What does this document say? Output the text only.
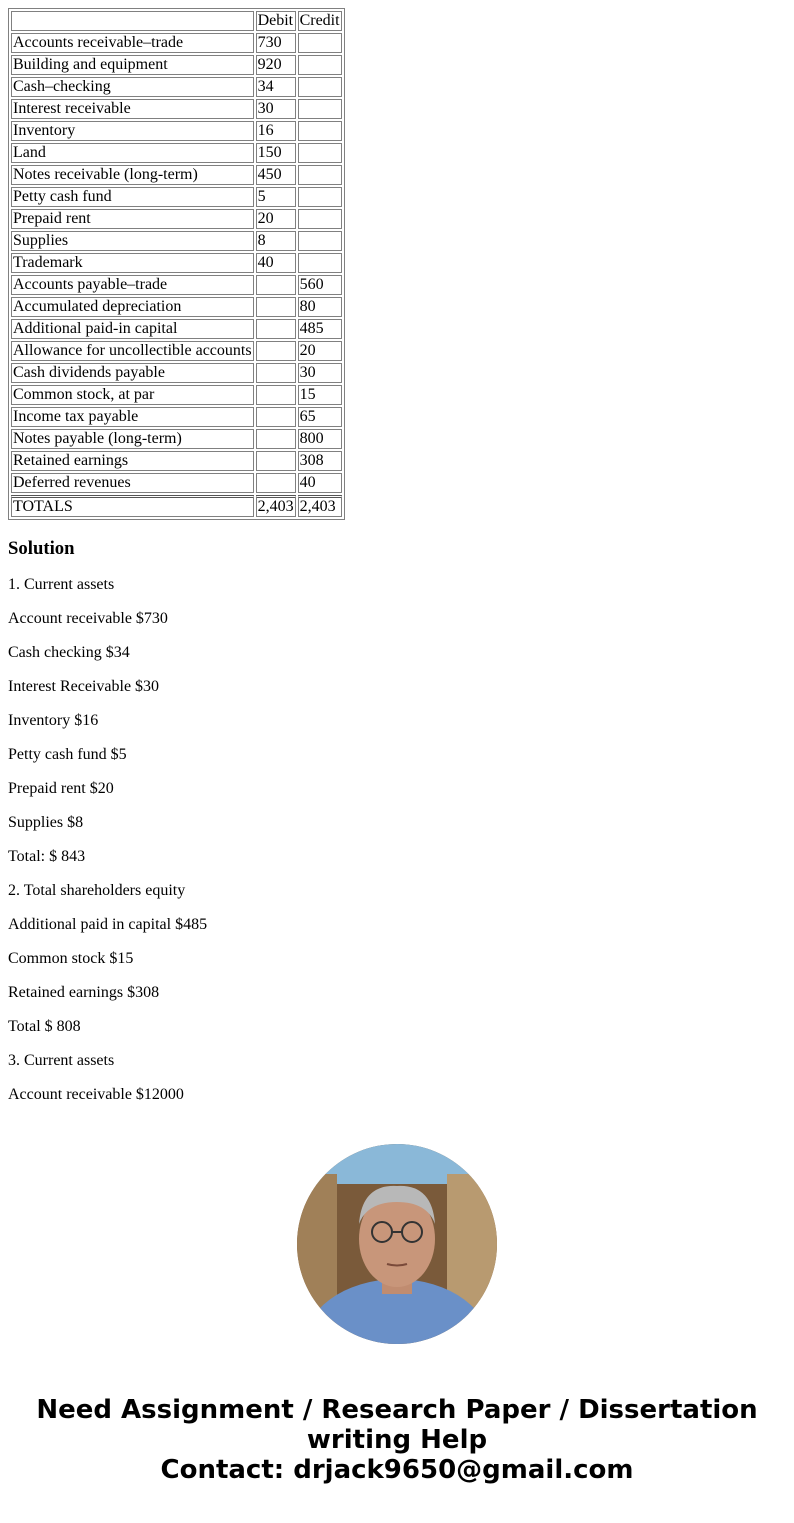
	Debit	Credit
Accounts receivable–trade	730	
Building and equipment	920	
Cash–checking	34	
Interest receivable	30	
Inventory	16	
Land	150	
Notes receivable (long-term)	450	
Petty cash fund	5	
Prepaid rent	20	
Supplies	8	
Trademark	40	
Accounts payable–trade		560
Accumulated depreciation		80
Additional paid-in capital		485
Allowance for uncollectible accounts		20
Cash dividends payable		30
Common stock, at par		15
Income tax payable		65
Notes payable (long-term)		800
Retained earnings		308
Deferred revenues		40
TOTALS	2,403	2,403
Solution

1. Current assets

Account receivable $730

Cash checking $34

Interest Receivable $30

Inventory $16

Petty cash fund $5

Prepaid rent $20

Supplies $8

Total: $ 843

2. Total shareholders equity

Additional paid in capital $485

Common stock $15

Retained earnings $308

Total $ 808

3. Current assets

Account receivable $12000

Need Assignment / Research Paper / Dissertation writing Help
Contact: drjack9650@gmail.com
